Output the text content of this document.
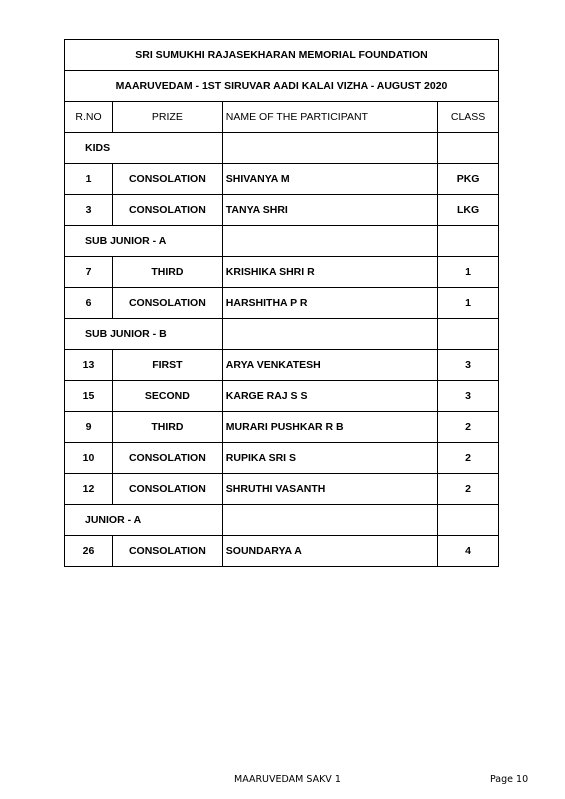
SRI SUMUKHI RAJASEKHARAN MEMORIAL FOUNDATION			
MAARUVEDAM - 1ST SIRUVAR AADI KALAI VIZHA - AUGUST 2020			
R.NO	PRIZE	NAME OF THE PARTICIPANT	CLASS
KIDS			
1	CONSOLATION	SHIVANYA M	PKG
3	CONSOLATION	TANYA SHRI	LKG
SUB JUNIOR - A			
7	THIRD	KRISHIKA SHRI R	1
6	CONSOLATION	HARSHITHA P R	1
SUB JUNIOR - B			
13	FIRST	ARYA VENKATESH	3
15	SECOND	KARGE RAJ S S	3
9	THIRD	MURARI PUSHKAR R B	2
10	CONSOLATION	RUPIKA SRI S	2
12	CONSOLATION	SHRUTHI VASANTH	2
JUNIOR - A			
26	CONSOLATION	SOUNDARYA A	4
MAARUVEDAM SAKV 1	Page 10
